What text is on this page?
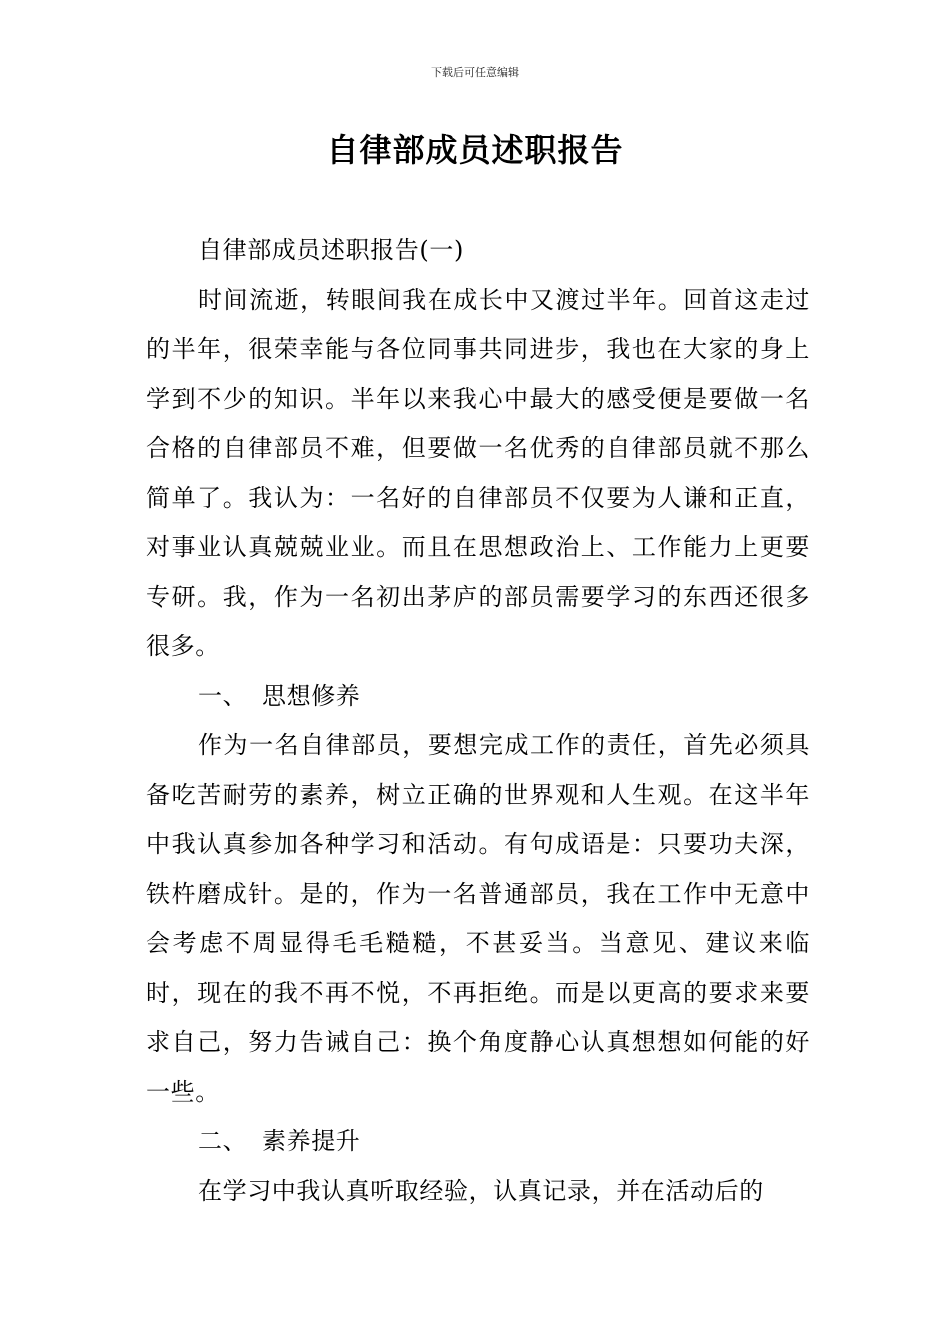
下载后可任意编辑
自律部成员述职报告

自律部成员述职报告(一)

时间流逝，转眼间我在成长中又渡过半年。回首这走过的半年，很荣幸能与各位同事共同进步，我也在大家的身上学到不少的知识。半年以来我心中最大的感受便是要做一名合格的自律部员不难，但要做一名优秀的自律部员就不那么简单了。我认为：一名好的自律部员不仅要为人谦和正直，对事业认真兢兢业业。而且在思想政治上、工作能力上更要专研。我，作为一名初出茅庐的部员需要学习的东西还很多很多。

一、 思想修养

作为一名自律部员，要想完成工作的责任，首先必须具备吃苦耐劳的素养，树立正确的世界观和人生观。在这半年中我认真参加各种学习和活动。有句成语是：只要功夫深，铁杵磨成针。是的，作为一名普通部员，我在工作中无意中会考虑不周显得毛毛糙糙，不甚妥当。当意见、建议来临时，现在的我不再不悦，不再拒绝。而是以更高的要求来要求自己，努力告诫自己：换个角度静心认真想想如何能的好一些。

二、 素养提升

在学习中我认真听取经验，认真记录，并在活动后的
